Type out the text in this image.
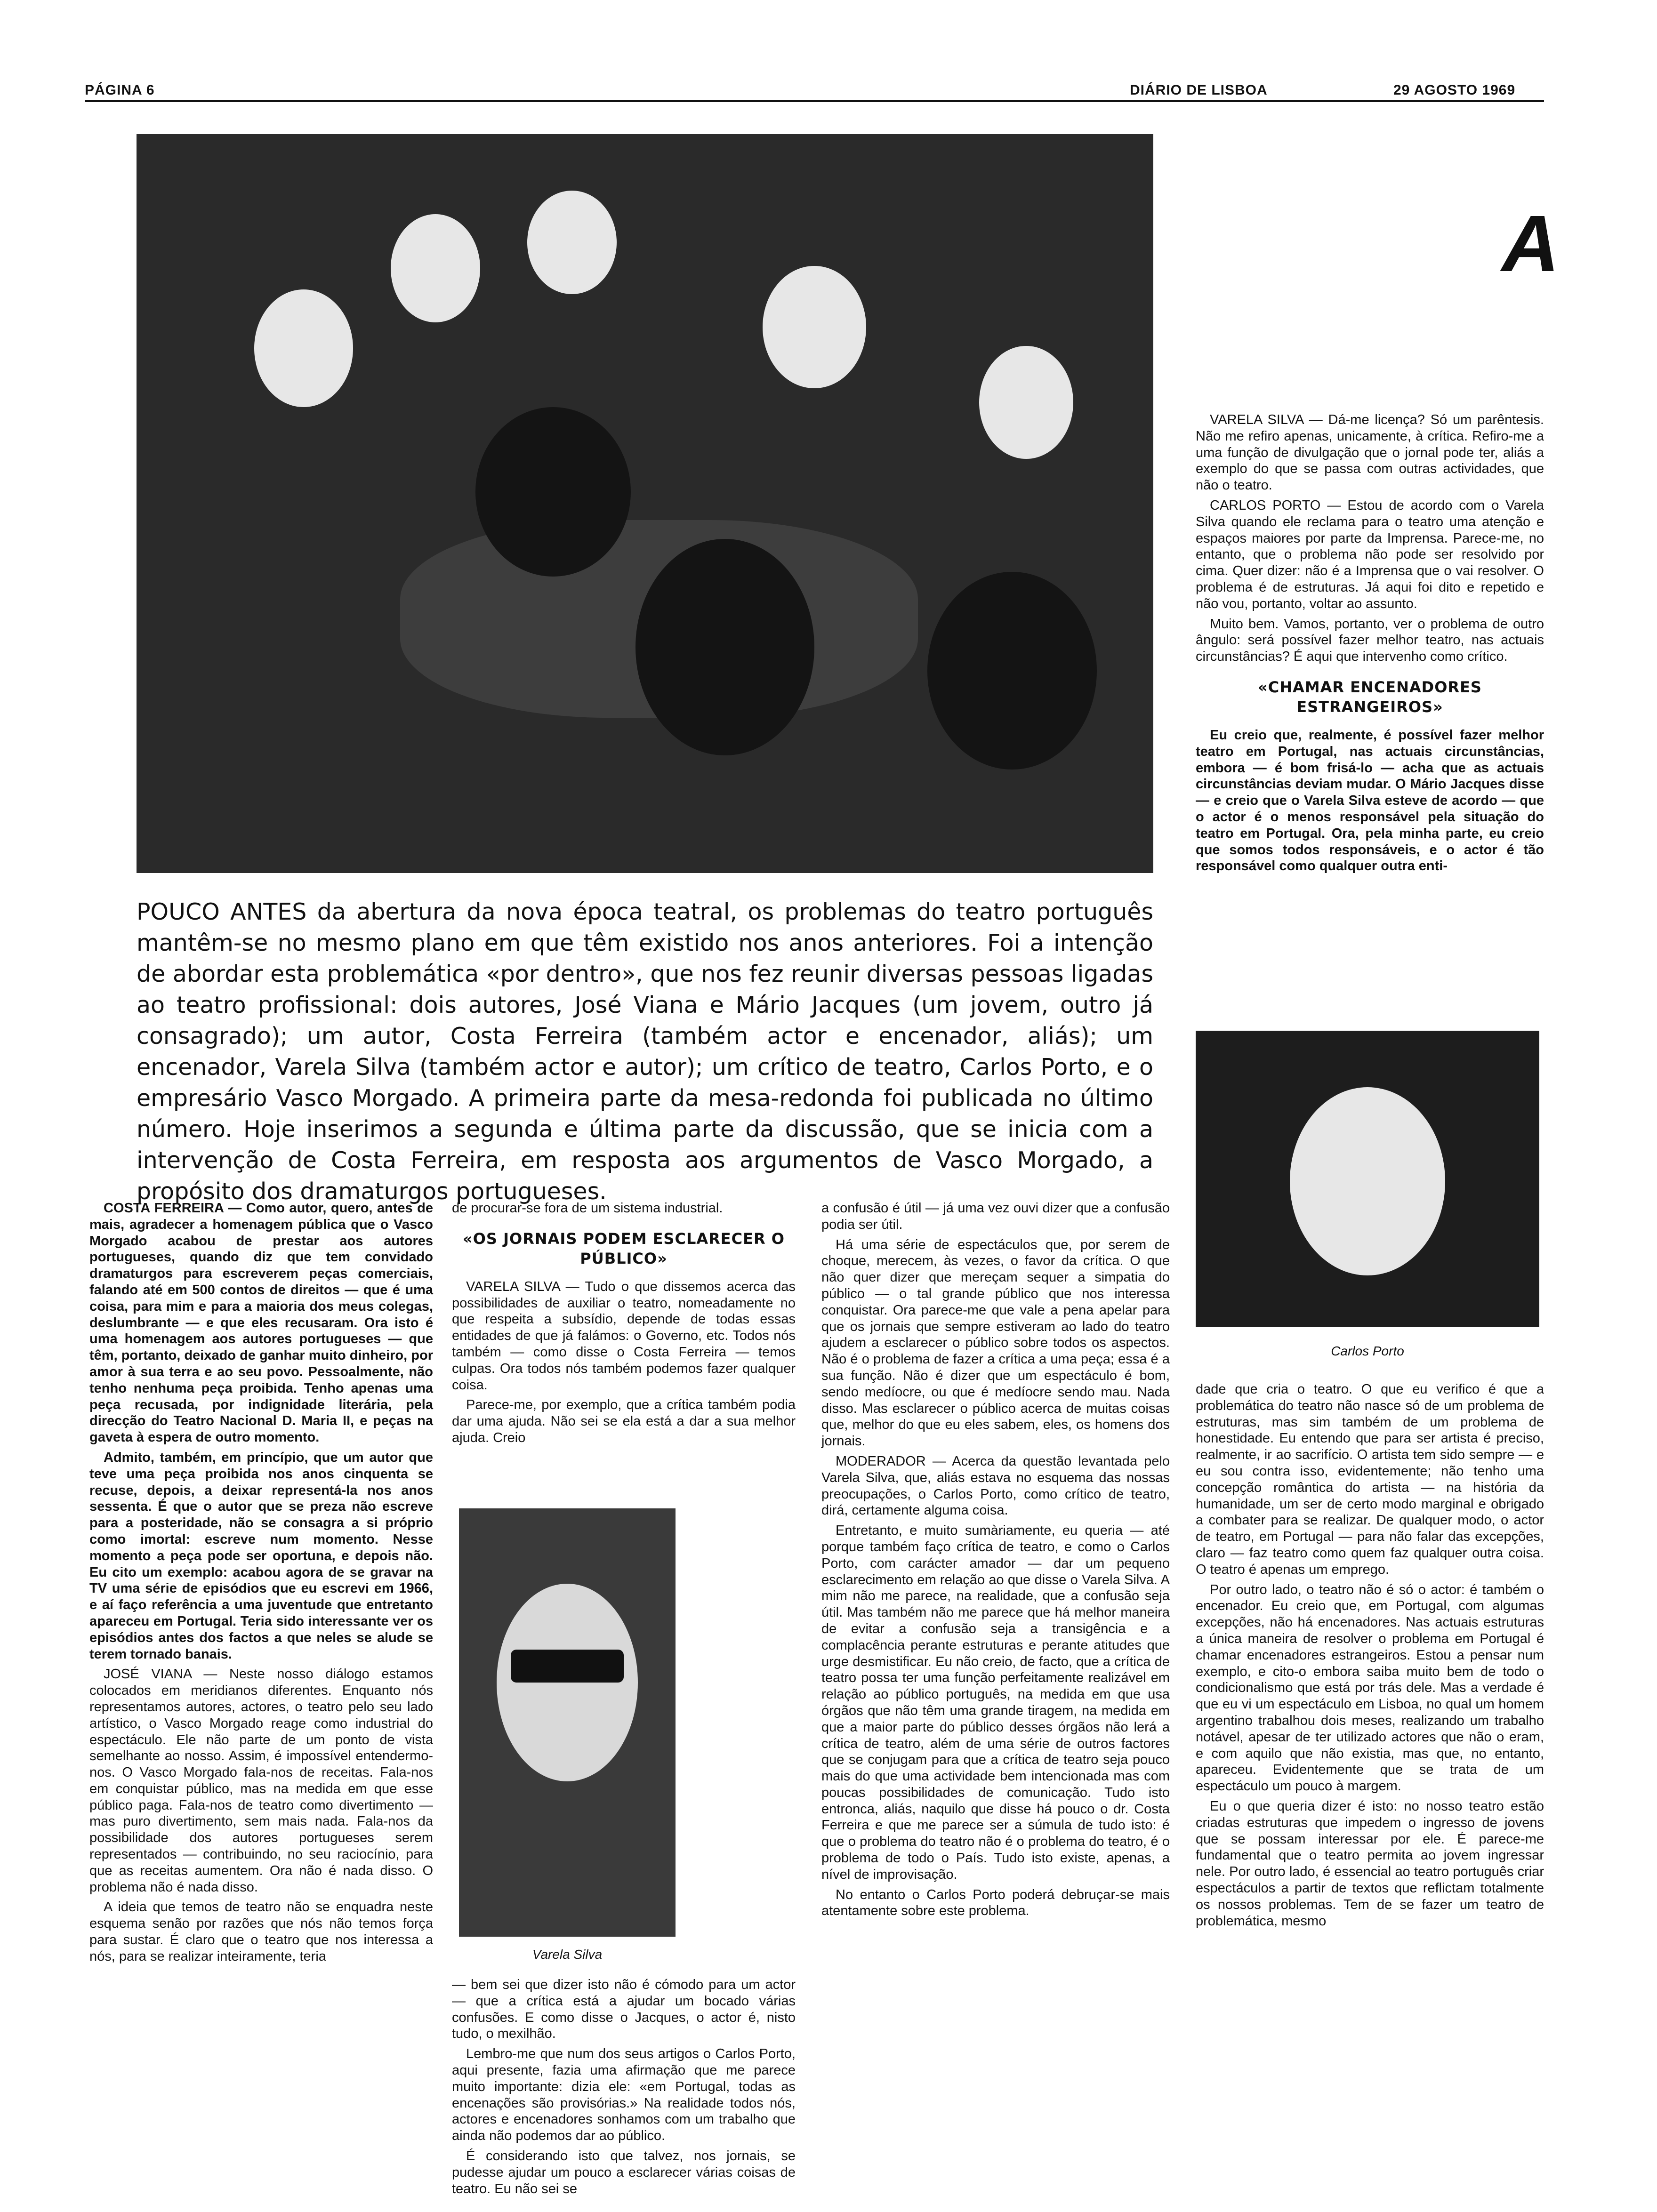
PÁGINA 6	DIÁRIO DE LISBOA	29 AGOSTO 1969
A

VARELA SILVA — Dá-me licença? Só um parêntesis. Não me refiro apenas, unicamente, à crítica. Refiro-me a uma função de divulgação que o jornal pode ter, aliás a exemplo do que se passa com outras actividades, que não o teatro.

CARLOS PORTO — Estou de acordo com o Varela Silva quando ele reclama para o teatro uma atenção e espaços maiores por parte da Imprensa. Parece-me, no entanto, que o problema não pode ser resolvido por cima. Quer dizer: não é a Imprensa que o vai resolver. O problema é de estruturas. Já aqui foi dito e repetido e não vou, portanto, voltar ao assunto.

Muito bem. Vamos, portanto, ver o problema de outro ângulo: será possível fazer melhor teatro, nas actuais circunstâncias? É aqui que intervenho como crítico.

«CHAMAR ENCENADORES ESTRANGEIROS»

Eu creio que, realmente, é possível fazer melhor teatro em Portugal, nas actuais circunstâncias, embora — é bom frisá-lo — acha que as actuais circunstâncias deviam mudar. O Mário Jacques disse — e creio que o Varela Silva esteve de acordo — que o actor é o menos responsável pela situação do teatro em Portugal. Ora, pela minha parte, eu creio que somos todos responsáveis, e o actor é tão responsável como qualquer outra enti-

Carlos Porto

dade que cria o teatro. O que eu verifico é que a problemática do teatro não nasce só de um problema de estruturas, mas sim também de um problema de honestidade. Eu entendo que para ser artista é preciso, realmente, ir ao sacrifício. O artista tem sido sempre — e eu sou contra isso, evidentemente; não tenho uma concepção romântica do artista — na história da humanidade, um ser de certo modo marginal e obrigado a combater para se realizar. De qualquer modo, o actor de teatro, em Portugal — para não falar das excepções, claro — faz teatro como quem faz qualquer outra coisa. O teatro é apenas um emprego.

Por outro lado, o teatro não é só o actor: é também o encenador. Eu creio que, em Portugal, com algumas excepções, não há encenadores. Nas actuais estruturas a única maneira de resolver o problema em Portugal é chamar encenadores estrangeiros. Estou a pensar num exemplo, e cito-o embora saiba muito bem de todo o condicionalismo que está por trás dele. Mas a verdade é que eu vi um espectáculo em Lisboa, no qual um homem argentino trabalhou dois meses, realizando um trabalho notável, apesar de ter utilizado actores que não o eram, e com aquilo que não existia, mas que, no entanto, apareceu. Evidentemente que se trata de um espectáculo um pouco à margem.

Eu o que queria dizer é isto: no nosso teatro estão criadas estruturas que impedem o ingresso de jovens que se possam interessar por ele. É parece-me fundamental que o teatro permita ao jovem ingressar nele. Por outro lado, é essencial ao teatro português criar espectáculos a partir de textos que reflictam totalmente os nossos problemas. Tem de se fazer um teatro de problemática, mesmo

POUCO ANTES da abertura da nova época teatral, os problemas do teatro português mantêm-se no mesmo plano em que têm existido nos anos anteriores. Foi a intenção de abordar esta problemática «por dentro», que nos fez reunir diversas pessoas ligadas ao teatro profissional: dois autores, José Viana e Mário Jacques (um jovem, outro já consagrado); um autor, Costa Ferreira (também actor e encenador, aliás); um encenador, Varela Silva (também actor e autor); um crítico de teatro, Carlos Porto, e o empresário Vasco Morgado. A primeira parte da mesa-redonda foi publicada no último número. Hoje inserimos a segunda e última parte da discussão, que se inicia com a intervenção de Costa Ferreira, em resposta aos argumentos de Vasco Morgado, a propósito dos dramaturgos portugueses.

COSTA FERREIRA — Como autor, quero, antes de mais, agradecer a homenagem pública que o Vasco Morgado acabou de prestar aos autores portugueses, quando diz que tem convidado dramaturgos para escreverem peças comerciais, falando até em 500 contos de direitos — que é uma coisa, para mim e para a maioria dos meus colegas, deslumbrante — e que eles recusaram. Ora isto é uma homenagem aos autores portugueses — que têm, portanto, deixado de ganhar muito dinheiro, por amor à sua terra e ao seu povo. Pessoalmente, não tenho nenhuma peça proibida. Tenho apenas uma peça recusada, por indignidade literária, pela direcção do Teatro Nacional D. Maria II, e peças na gaveta à espera de outro momento.

Admito, também, em princípio, que um autor que teve uma peça proibida nos anos cinquenta se recuse, depois, a deixar representá-la nos anos sessenta. É que o autor que se preza não escreve para a posteridade, não se consagra a si próprio como imortal: escreve num momento. Nesse momento a peça pode ser oportuna, e depois não. Eu cito um exemplo: acabou agora de se gravar na TV uma série de episódios que eu escrevi em 1966, e aí faço referência a uma juventude que entretanto apareceu em Portugal. Teria sido interessante ver os episódios antes dos factos a que neles se alude se terem tornado banais.

JOSÉ VIANA — Neste nosso diálogo estamos colocados em meridianos diferentes. Enquanto nós representamos autores, actores, o teatro pelo seu lado artístico, o Vasco Morgado reage como industrial do espectáculo. Ele não parte de um ponto de vista semelhante ao nosso. Assim, é impossível entendermo-nos. O Vasco Morgado fala-nos de receitas. Fala-nos em conquistar público, mas na medida em que esse público paga. Fala-nos de teatro como divertimento — mas puro divertimento, sem mais nada. Fala-nos da possibilidade dos autores portugueses serem representados — contribuindo, no seu raciocínio, para que as receitas aumentem. Ora não é nada disso. O problema não é nada disso.

A ideia que temos de teatro não se enquadra neste esquema senão por razões que nós não temos força para sustar. É claro que o teatro que nos interessa a nós, para se realizar inteiramente, teria

de procurar-se fora de um sistema industrial.

«OS JORNAIS PODEM ESCLARECER O PÚBLICO»

VARELA SILVA — Tudo o que dissemos acerca das possibilidades de auxiliar o teatro, nomeadamente no que respeita a subsídio, depende de todas essas entidades de que já falámos: o Governo, etc. Todos nós também — como disse o Costa Ferreira — temos culpas. Ora todos nós também podemos fazer qualquer coisa.

Parece-me, por exemplo, que a crítica também podia dar uma ajuda. Não sei se ela está a dar a sua melhor ajuda. Creio

Varela Silva

— bem sei que dizer isto não é cómodo para um actor — que a crítica está a ajudar um bocado várias confusões. E como disse o Jacques, o actor é, nisto tudo, o mexilhão.

Lembro-me que num dos seus artigos o Carlos Porto, aqui presente, fazia uma afirmação que me parece muito importante: dizia ele: «em Portugal, todas as encenações são provisórias.» Na realidade todos nós, actores e encenadores sonhamos com um trabalho que ainda não podemos dar ao público.

É considerando isto que talvez, nos jornais, se pudesse ajudar um pouco a esclarecer várias coisas de teatro. Eu não sei se

a confusão é útil — já uma vez ouvi dizer que a confusão podia ser útil.

Há uma série de espectáculos que, por serem de choque, merecem, às vezes, o favor da crítica. O que não quer dizer que mereçam sequer a simpatia do público — o tal grande público que nos interessa conquistar. Ora parece-me que vale a pena apelar para que os jornais que sempre estiveram ao lado do teatro ajudem a esclarecer o público sobre todos os aspectos. Não é o problema de fazer a crítica a uma peça; essa é a sua função. Não é dizer que um espectáculo é bom, sendo medíocre, ou que é medíocre sendo mau. Nada disso. Mas esclarecer o público acerca de muitas coisas que, melhor do que eu eles sabem, eles, os homens dos jornais.

MODERADOR — Acerca da questão levantada pelo Varela Silva, que, aliás estava no esquema das nossas preocupações, o Carlos Porto, como crítico de teatro, dirá, certamente alguma coisa.

Entretanto, e muito sumàriamente, eu queria — até porque também faço crítica de teatro, e como o Carlos Porto, com carácter amador — dar um pequeno esclarecimento em relação ao que disse o Varela Silva. A mim não me parece, na realidade, que a confusão seja útil. Mas também não me parece que há melhor maneira de evitar a confusão seja a transigência e a complacência perante estruturas e perante atitudes que urge desmistificar. Eu não creio, de facto, que a crítica de teatro possa ter uma função perfeitamente realizável em relação ao público português, na medida em que usa órgãos que não têm uma grande tiragem, na medida em que a maior parte do público desses órgãos não lerá a crítica de teatro, além de uma série de outros factores que se conjugam para que a crítica de teatro seja pouco mais do que uma actividade bem intencionada mas com poucas possibilidades de comunicação. Tudo isto entronca, aliás, naquilo que disse há pouco o dr. Costa Ferreira e que me parece ser a súmula de tudo isto: é que o problema do teatro não é o problema do teatro, é o problema de todo o País. Tudo isto existe, apenas, a nível de improvisação.

No entanto o Carlos Porto poderá debruçar-se mais atentamente sobre este problema.
